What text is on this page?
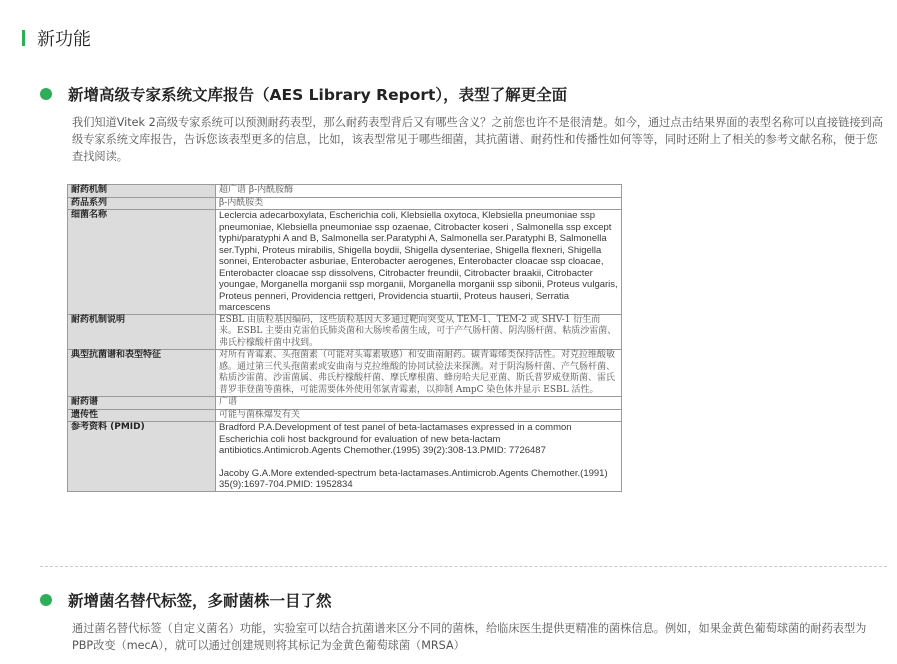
新功能
新增高级专家系统文库报告（AES Library Report），表型了解更全面
我们知道Vitek 2高级专家系统可以预测耐药表型，那么耐药表型背后又有哪些含义？之前您也许不是很清楚。如今，通过点击结果界面的表型名称可以直接链接到高级专家系统文库报告，告诉您该表型更多的信息，比如，该表型常见于哪些细菌，其抗菌谱、耐药性和传播性如何等等，同时还附上了相关的参考文献名称，便于您查找阅读。
耐药机制	超广谱 β-内酰胺酶
药品系列	β-内酰胺类
细菌名称	Leclercia adecarboxylata, Escherichia coli, Klebsiella oxytoca, Klebsiella pneumoniae ssp pneumoniae, Klebsiella pneumoniae ssp ozaenae, Citrobacter koseri , Salmonella ssp except typhi/paratyphi A and B, Salmonella ser.Paratyphi A, Salmonella ser.Paratyphi B, Salmonella ser.Typhi, Proteus mirabilis, Shigella boydii, Shigella dysenteriae, Shigella flexneri, Shigella sonnei, Enterobacter asburiae, Enterobacter aerogenes, Enterobacter cloacae ssp cloacae, Enterobacter cloacae ssp dissolvens, Citrobacter freundii, Citrobacter braakii, Citrobacter youngae, Morganella morganii ssp morganii, Morganella morganii ssp sibonii, Proteus vulgaris, Proteus penneri, Providencia rettgeri, Providencia stuartii, Proteus hauseri, Serratia marcescens
耐药机制说明	ESBL 由质粒基因编码，这些质粒基因大多通过靶向突变从 TEM-1、TEM-2 或 SHV-1 衍生而来。ESBL 主要由克雷伯氏肺炎菌和大肠埃希菌生成，可于产气肠杆菌、阴沟肠杆菌、粘质沙雷菌、弗氏柠檬酸杆菌中找到。
典型抗菌谱和表型特征	对所有青霉素、头孢菌素（可能对头霉素敏感）和安曲南耐药。碳青霉烯类保持活性。对克拉维酸敏感。通过第三代头孢菌素或安曲南与克拉维酸的协同试验法来探测。对于阴沟肠杆菌、产气肠杆菌、粘质沙雷菌、沙雷菌属、弗氏柠檬酸杆菌、摩氏摩根菌、蜂房哈夫尼亚菌、斯氏普罗威登斯菌、雷氏普罗菲登菌等菌株，可能需要体外使用邻氯青霉素，以抑制 AmpC 染色体并显示 ESBL 活性。
耐药谱	广谱
遗传性	可能与菌株爆发有关
参考资料 (PMID)	Bradford P.A.Development of test panel of beta-lactamases expressed in a common Escherichia coli host background for evaluation of new beta-lactam antibiotics.Antimicrob.Agents Chemother.(1995) 39(2):308-13.PMID: 7726487
Jacoby G.A.More extended-spectrum beta-lactamases.Antimicrob.Agents Chemother.(1991) 35(9):1697-704.PMID: 1952834
新增菌名替代标签，多耐菌株一目了然
通过菌名替代标签（自定义菌名）功能，实验室可以结合抗菌谱来区分不同的菌株，给临床医生提供更精准的菌株信息。例如，如果金黄色葡萄球菌的耐药表型为PBP改变（mecA），就可以通过创建规则将其标记为金黄色葡萄球菌（MRSA）
